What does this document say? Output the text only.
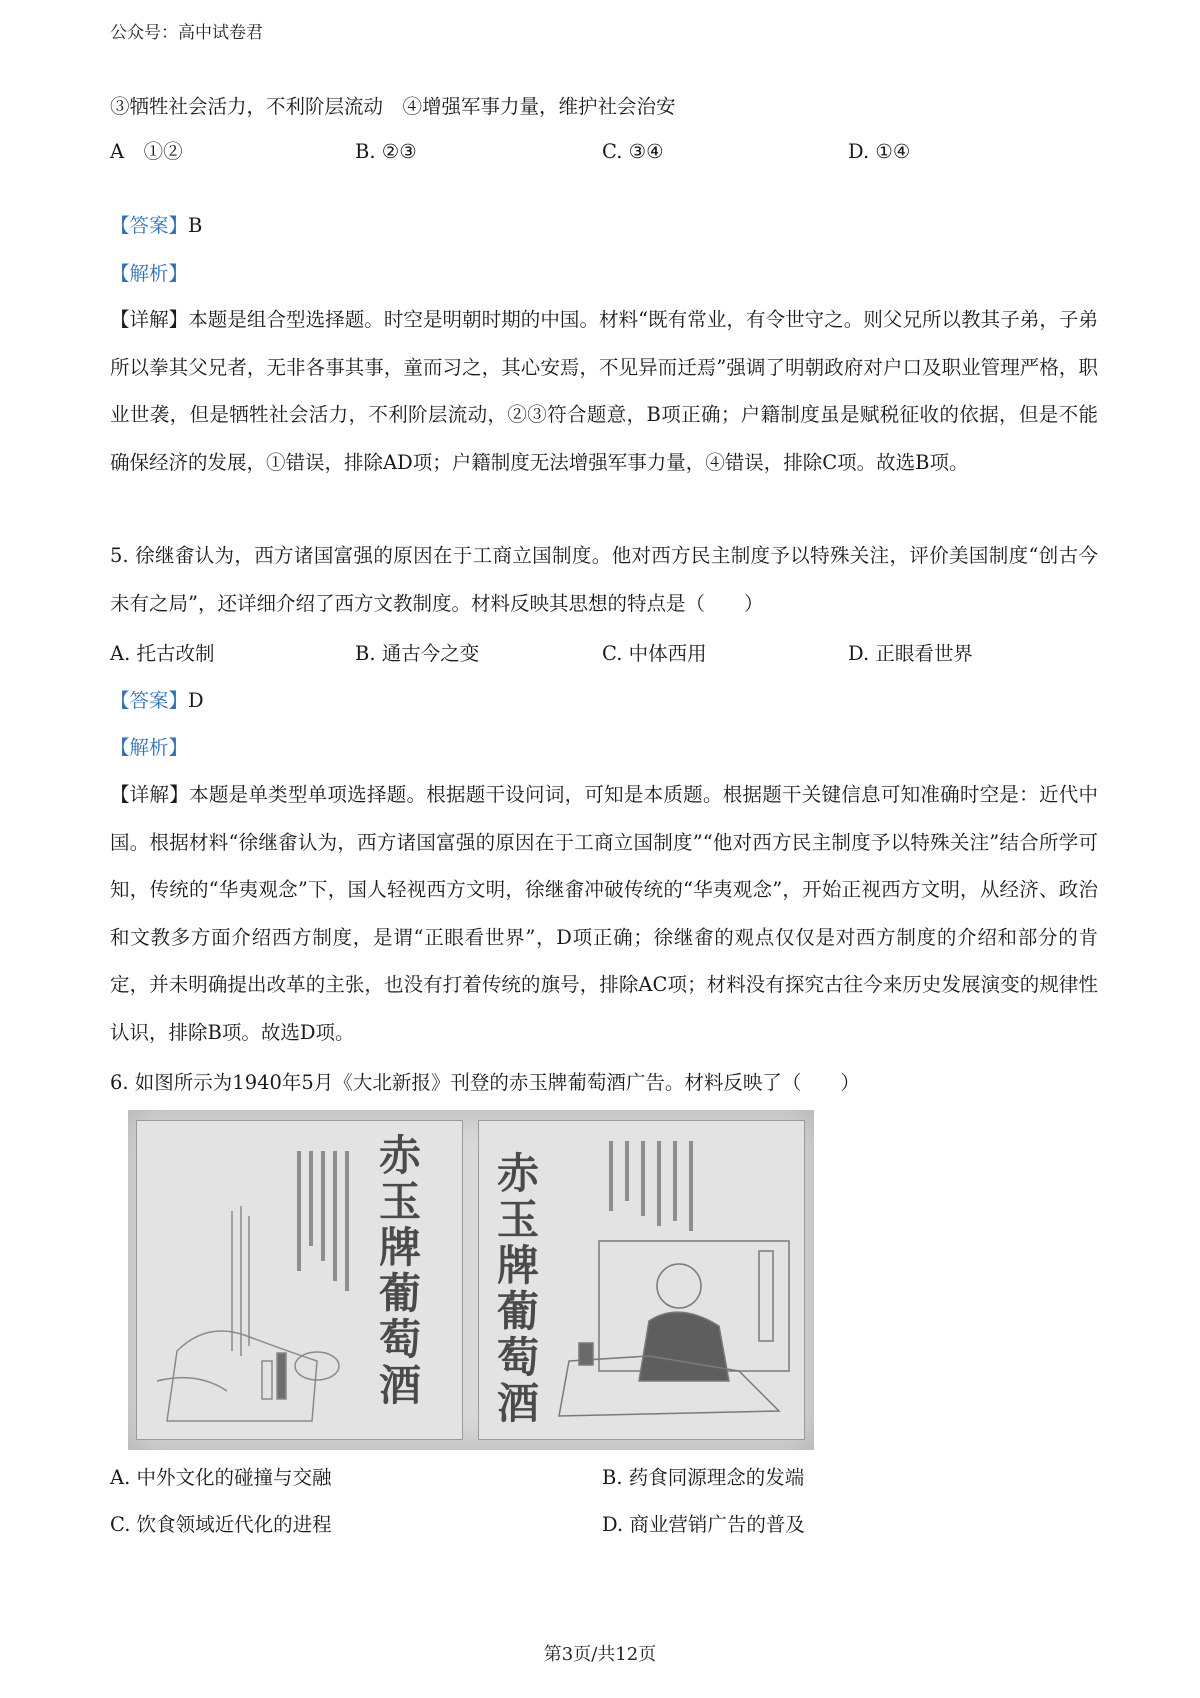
公众号：高中试卷君
③牺牲社会活力，不利阶层流动　④增强军事力量，维护社会治安
A　①②	B. ②③	C. ③④	D. ①④
【答案】B
【解析】
【详解】本题是组合型选择题。时空是明朝时期的中国。材料“既有常业，有令世守之。则父兄所以教其子弟，子弟所以拳其父兄者，无非各事其事，童而习之，其心安焉，不见异而迁焉”强调了明朝政府对户口及职业管理严格，职业世袭，但是牺牲社会活力，不利阶层流动，②③符合题意，B项正确；户籍制度虽是赋税征收的依据，但是不能确保经济的发展，①错误，排除AD项；户籍制度无法增强军事力量，④错误，排除C项。故选B项。
5. 徐继畬认为，西方诸国富强的原因在于工商立国制度。他对西方民主制度予以特殊关注，评价美国制度“创古今未有之局”，还详细介绍了西方文教制度。材料反映其思想的特点是（　　）
A. 托古改制	B. 通古今之变	C. 中体西用	D. 正眼看世界
【答案】D
【解析】
【详解】本题是单类型单项选择题。根据题干设问词，可知是本质题。根据题干关键信息可知准确时空是：近代中国。根据材料“徐继畬认为，西方诸国富强的原因在于工商立国制度”“他对西方民主制度予以特殊关注”结合所学可知，传统的“华夷观念”下，国人轻视西方文明，徐继畬冲破传统的“华夷观念”，开始正视西方文明，从经济、政治和文教多方面介绍西方制度，是谓“正眼看世界”，D项正确；徐继畬的观点仅仅是对西方制度的介绍和部分的肯定，并未明确提出改革的主张，也没有打着传统的旗号，排除AC项；材料没有探究古往今来历史发展演变的规律性认识，排除B项。故选D项。
6. 如图所示为1940年5月《大北新报》刊登的赤玉牌葡萄酒广告。材料反映了（　　）
赤玉牌葡萄酒 赤玉牌葡萄酒
A. 中外文化的碰撞与交融	B. 药食同源理念的发端
C. 饮食领域近代化的进程	D. 商业营销广告的普及
第3页/共12页
